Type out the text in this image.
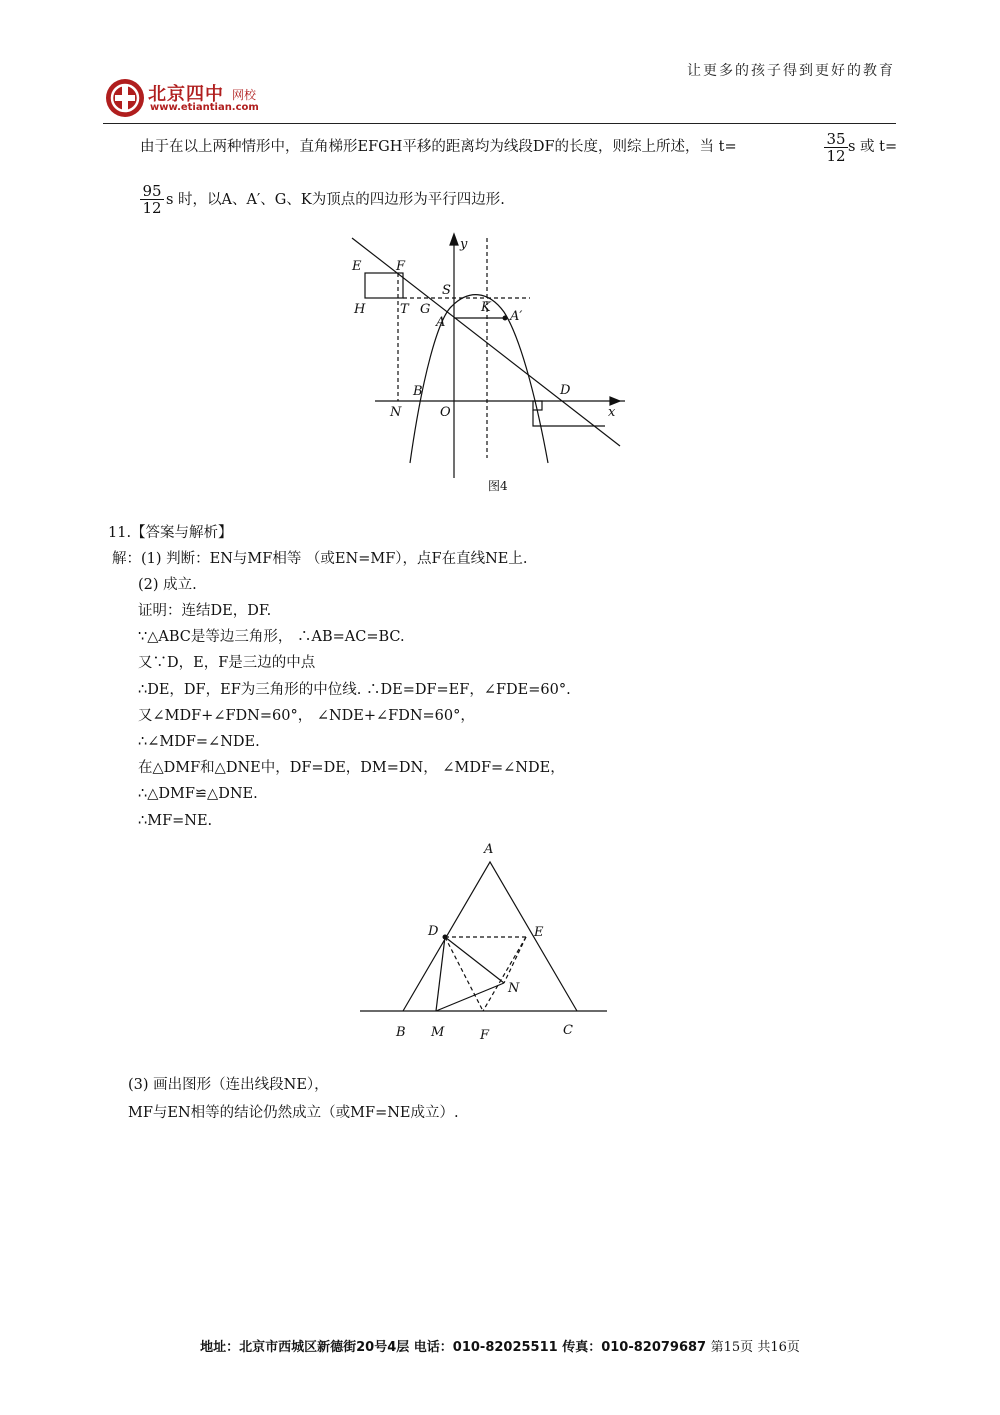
让更多的孩子得到更好的教育
北京四中 网校
www.etiantian.com
由于在以上两种情形中，直角梯形EFGH平移的距离均为线段DF的长度，则综上所述，当 t=	$\frac{35}{12}$ s 或 t=
$\frac{95}{12}$ s 时，以A、A′、G、K为顶点的四边形为平行四边形.
E	F
H	T G
S
K
A	A′
B	D
N	O	x
y
图4
11.【答案与解析】
解：(1) 判断：EN与MF相等 （或EN=MF），点F在直线NE上.
(2) 成立.
证明：连结DE，DF.
∵△ABC是等边三角形， ∴AB=AC=BC.
又∵D，E，F是三边的中点
∴DE，DF，EF为三角形的中位线. ∴DE=DF=EF，∠FDE=60°.
又∠MDF+∠FDN=60°， ∠NDE+∠FDN=60°，
∴∠MDF=∠NDE.
在△DMF和△DNE中，DF=DE，DM=DN， ∠MDF=∠NDE，
∴△DMF≌△DNE.
∴MF=NE.
A
D	E
N
B M	F	C
(3) 画出图形（连出线段NE），
MF与EN相等的结论仍然成立（或MF=NE成立）.
地址：北京市西城区新德街20号4层 电话：010-82025511 传真：010-82079687 第15页 共16页
